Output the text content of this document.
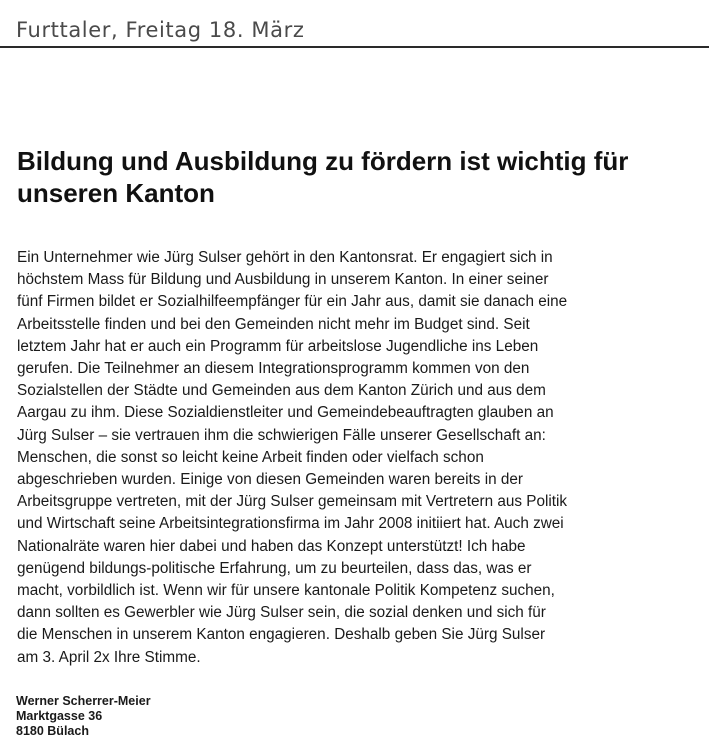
Furttaler, Freitag 18. März
Bildung und Ausbildung zu fördern ist wichtig für
unseren Kanton
Ein Unternehmer wie Jürg Sulser gehört in den Kantonsrat. Er engagiert sich in
höchstem Mass für Bildung und Ausbildung in unserem Kanton. In einer seiner
fünf Firmen bildet er Sozialhilfeempfänger für ein Jahr aus, damit sie danach eine
Arbeitsstelle finden und bei den Gemeinden nicht mehr im Budget sind. Seit
letztem Jahr hat er auch ein Programm für arbeitslose Jugendliche ins Leben
gerufen. Die Teilnehmer an diesem Integrationsprogramm kommen von den
Sozialstellen der Städte und Gemeinden aus dem Kanton Zürich und aus dem
Aargau zu ihm. Diese Sozialdienstleiter und Gemeindebeauftragten glauben an
Jürg Sulser – sie vertrauen ihm die schwierigen Fälle unserer Gesellschaft an:
Menschen, die sonst so leicht keine Arbeit finden oder vielfach schon
abgeschrieben wurden. Einige von diesen Gemeinden waren bereits in der
Arbeitsgruppe vertreten, mit der Jürg Sulser gemeinsam mit Vertretern aus Politik
und Wirtschaft seine Arbeitsintegrationsfirma im Jahr 2008 initiiert hat. Auch zwei
Nationalräte waren hier dabei und haben das Konzept unterstützt! Ich habe
genügend bildungs-politische Erfahrung, um zu beurteilen, dass das, was er
macht, vorbildlich ist. Wenn wir für unsere kantonale Politik Kompetenz suchen,
dann sollten es Gewerbler wie Jürg Sulser sein, die sozial denken und sich für
die Menschen in unserem Kanton engagieren. Deshalb geben Sie Jürg Sulser
am 3. April 2x Ihre Stimme.
Werner Scherrer-Meier
Marktgasse 36
8180 Bülach
